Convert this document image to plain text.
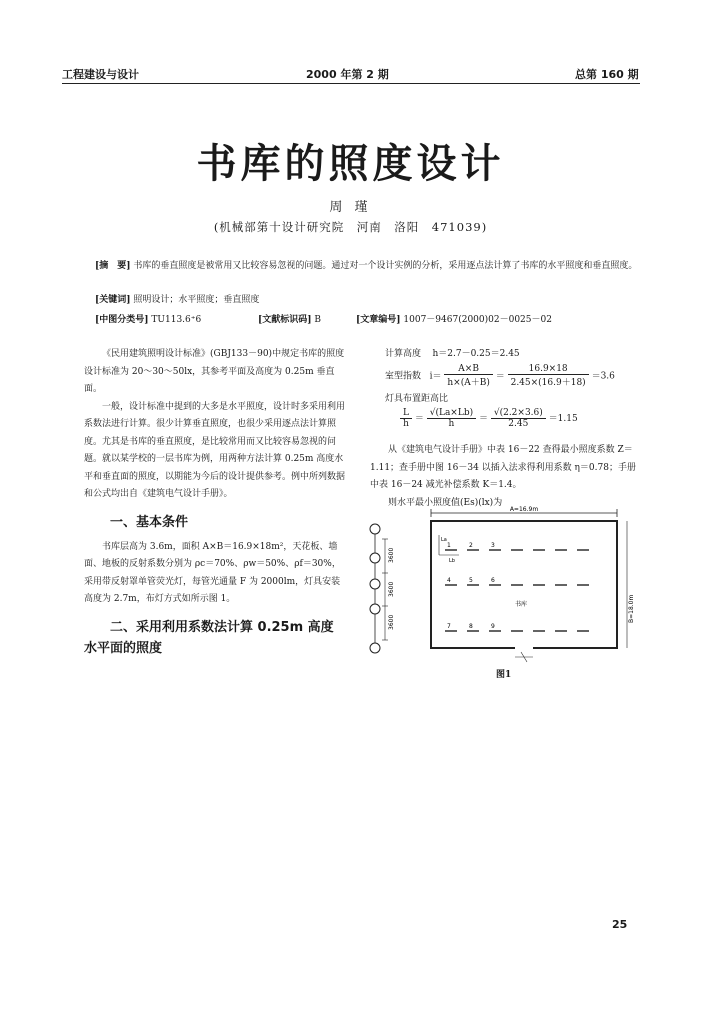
工程建设与设计	2000 年第 2 期	总第 160 期
书库的照度设计
周 瑾
(机械部第十设计研究院　河南　洛阳　471039)
[摘　要] 书库的垂直照度是被常用又比较容易忽视的问题。通过对一个设计实例的分析，采用逐点法计算了书库的水平照度和垂直照度。
[关键词] 照明设计；水平照度；垂直照度
[中图分类号] TU113.6⁺6	[文献标识码] B	[文章编号] 1007－9467(2000)02－0025－02
《民用建筑照明设计标准》(GBJ133－90)中规定书库的照度设计标准为 20～30～50lx，其参考平面及高度为 0.25m 垂直面。
一般，设计标准中提到的大多是水平照度，设计时多采用利用系数法进行计算。很少计算垂直照度，也很少采用逐点法计算照度。尤其是书库的垂直照度，是比较常用而又比较容易忽视的问题。就以某学校的一层书库为例，用两种方法计算 0.25m 高度水平和垂直面的照度，以期能为今后的设计提供参考。例中所列数据和公式均出自《建筑电气设计手册》。
一、基本条件
书库层高为 3.6m，面积 A×B＝16.9×18m²，天花板、墙面、地板的反射系数分别为 ρc＝70%、ρw＝50%、ρf＝30%，采用带反射罩单管荧光灯，每管光通量 F 为 2000lm，灯具安装高度为 2.7m，布灯方式如所示图 1。
二、采用利用系数法计算 0.25m 高度水平面的照度
计算高度 h＝2.7－0.25＝2.45
室型指数 $i= \frac{A\times B}{h\times(A+B)} = \frac{16.9\times 18}{2.45\times(16.9+18)} =3.6$
灯具布置距高比
$\frac{L}{h} = \frac{√(La\times Lb)}{h} = \frac{√(2.2\times 3.6)}{2.45} =1.15$
从《建筑电气设计手册》中表 16－22 查得最小照度系数 Z＝1.11；查手册中图 16－34 以插入法求得利用系数 η＝0.78；手册中表 16－24 减光补偿系数 K＝1.4。
则水平最小照度值(Es)(lx)为
A=16.9m
3600
3600
3600
La
Lb
1	2	3
4	5	6
7	8	9
书库	B=18.0m
图1
25
